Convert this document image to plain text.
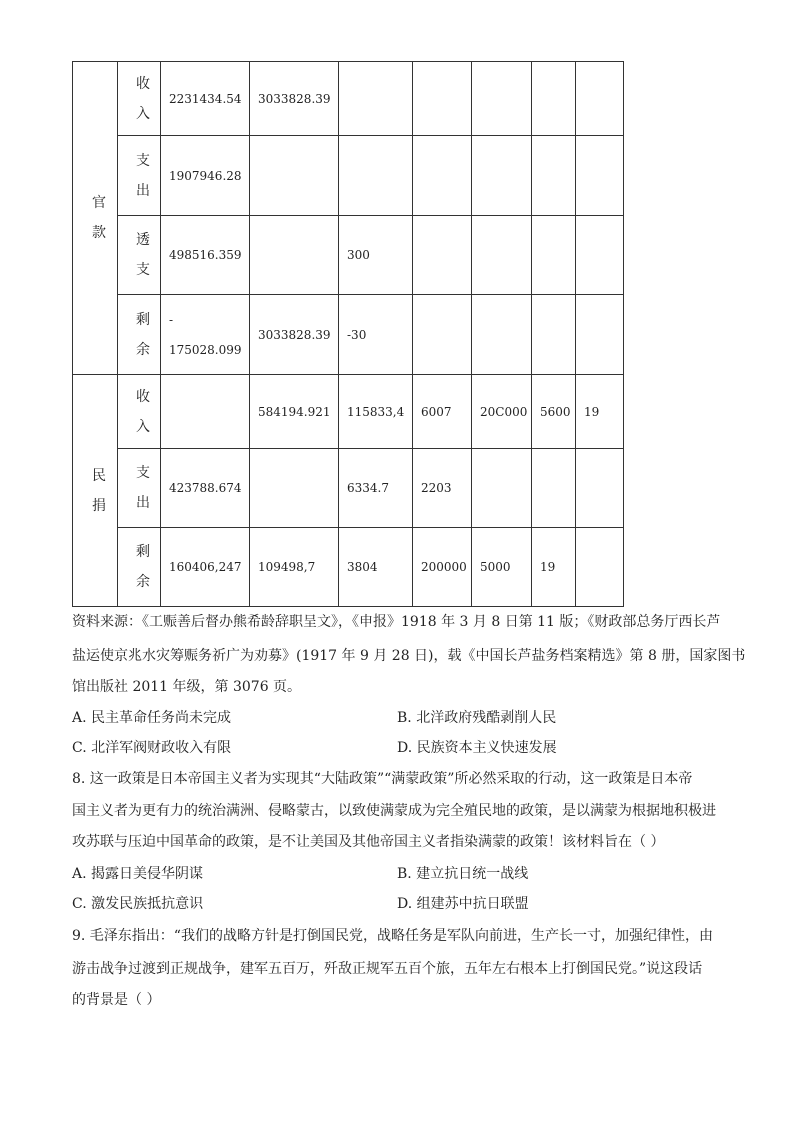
官
款	收
入	2231434.54	3033828.39					

	支
出	1907946.28						

	透
支	498516.359		300				

	剩
余	-
175028.099	3033828.39	-30				

民
捐	收
入		584194.921	115833,4	6007	20C000	5600	19

	支
出	423788.674		6334.7	2203			

	剩
余	160406,247	109498,7	3804	200000	5000	19	
资料来源：《工赈善后督办熊希龄辞职呈文》，《申报》1918 年 3 月 8 日第 11 版；《财政部总务厅西长芦
盐运使京兆水灾筹赈务祈广为劝募》(1917 年 9 月 28 日)，载《中国长芦盐务档案精选》第 8 册，国家图书
馆出版社 2011 年级，第 3076 页。
A. 民主革命任务尚未完成	B. 北洋政府残酷剥削人民
C. 北洋军阀财政收入有限	D. 民族资本主义快速发展
8. 这一政策是日本帝国主义者为实现其“大陆政策”“满蒙政策”所必然采取的行动，这一政策是日本帝
国主义者为更有力的统治满洲、侵略蒙古，以致使满蒙成为完全殖民地的政策，是以满蒙为根据地积极进
攻苏联与压迫中国革命的政策，是不让美国及其他帝国主义者指染满蒙的政策！该材料旨在（ ）
A. 揭露日美侵华阴谋	B. 建立抗日统一战线
C. 激发民族抵抗意识	D. 组建苏中抗日联盟
9. 毛泽东指出：“我们的战略方针是打倒国民党，战略任务是军队向前进，生产长一寸，加强纪律性，由
游击战争过渡到正规战争，建军五百万，歼敌正规军五百个旅，五年左右根本上打倒国民党。”说这段话
的背景是（ ）
